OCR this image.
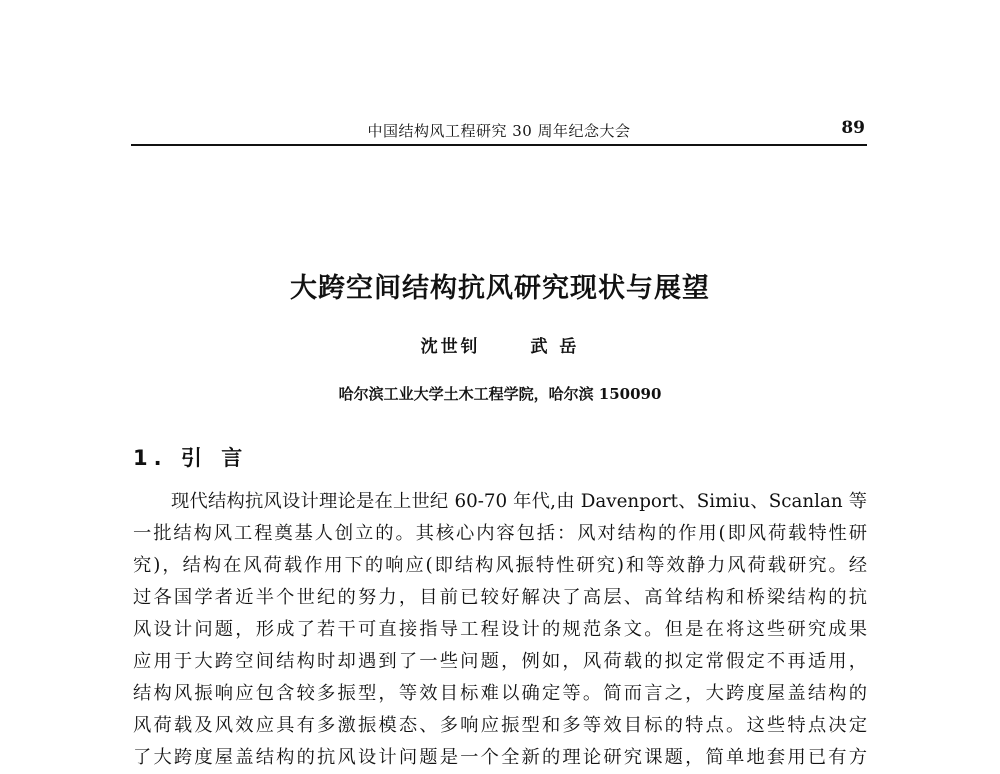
中国结构风工程研究 30 周年纪念大会	89
大跨空间结构抗风研究现状与展望
沈世钊	武 岳
哈尔滨工业大学土木工程学院，哈尔滨 150090
1. 引 言
现代结构抗风设计理论是在上世纪 60-70 年代,由 Davenport、Simiu、Scanlan 等
一批结构风工程奠基人创立的。其核心内容包括：风对结构的作用(即风荷载特性研
究)，结构在风荷载作用下的响应(即结构风振特性研究)和等效静力风荷载研究。经
过各国学者近半个世纪的努力，目前已较好解决了高层、高耸结构和桥梁结构的抗
风设计问题，形成了若干可直接指导工程设计的规范条文。但是在将这些研究成果
应用于大跨空间结构时却遇到了一些问题，例如，风荷载的拟定常假定不再适用，
结构风振响应包含较多振型，等效目标难以确定等。简而言之，大跨度屋盖结构的
风荷载及风效应具有多激振模态、多响应振型和多等效目标的特点。这些特点决定
了大跨度屋盖结构的抗风设计问题是一个全新的理论研究课题，简单地套用已有方
